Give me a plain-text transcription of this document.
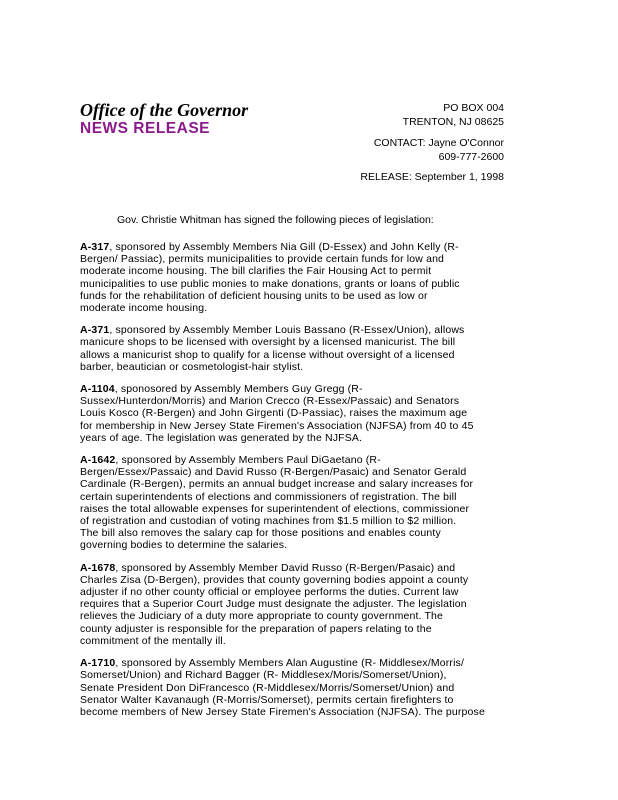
Office of the Governor
NEWS RELEASE
PO BOX 004
TRENTON, NJ 08625
CONTACT: Jayne O'Connor
609-777-2600
RELEASE: September 1, 1998
Gov. Christie Whitman has signed the following pieces of legislation:
A-317, sponsored by Assembly Members Nia Gill (D-Essex) and John Kelly (R-
Bergen/ Passiac), permits municipalities to provide certain funds for low and
moderate income housing. The bill clarifies the Fair Housing Act to permit
municipalities to use public monies to make donations, grants or loans of public
funds for the rehabilitation of deficient housing units to be used as low or
moderate income housing.
A-371, sponsored by Assembly Member Louis Bassano (R-Essex/Union), allows
manicure shops to be licensed with oversight by a licensed manicurist. The bill
allows a manicurist shop to qualify for a license without oversight of a licensed
barber, beautician or cosmetologist-hair stylist.
A-1104, sponosored by Assembly Members Guy Gregg (R-
Sussex/Hunterdon/Morris) and Marion Crecco (R-Essex/Passaic) and Senators
Louis Kosco (R-Bergen) and John Girgenti (D-Passiac), raises the maximum age
for membership in New Jersey State Firemen's Association (NJFSA) from 40 to 45
years of age. The legislation was generated by the NJFSA.
A-1642, sponsored by Assembly Members Paul DiGaetano (R-
Bergen/Essex/Passaic) and David Russo (R-Bergen/Pasaic) and Senator Gerald
Cardinale (R-Bergen), permits an annual budget increase and salary increases for
certain superintendents of elections and commissioners of registration. The bill
raises the total allowable expenses for superintendent of elections, commissioner
of registration and custodian of voting machines from $1.5 million to $2 million.
The bill also removes the salary cap for those positions and enables county
governing bodies to determine the salaries.
A-1678, sponsored by Assembly Member David Russo (R-Bergen/Pasaic) and
Charles Zisa (D-Bergen), provides that county governing bodies appoint a county
adjuster if no other county official or employee performs the duties. Current law
requires that a Superior Court Judge must designate the adjuster. The legislation
relieves the Judiciary of a duty more appropriate to county government. The
county adjuster is responsible for the preparation of papers relating to the
commitment of the mentally ill.
A-1710, sponsored by Assembly Members Alan Augustine (R- Middlesex/Morris/
Somerset/Union) and Richard Bagger (R- Middlesex/Moris/Somerset/Union),
Senate President Don DiFrancesco (R-Middlesex/Morris/Somerset/Union) and
Senator Walter Kavanaugh (R-Morris/Somerset), permits certain firefighters to
become members of New Jersey State Firemen's Association (NJFSA). The purpose
